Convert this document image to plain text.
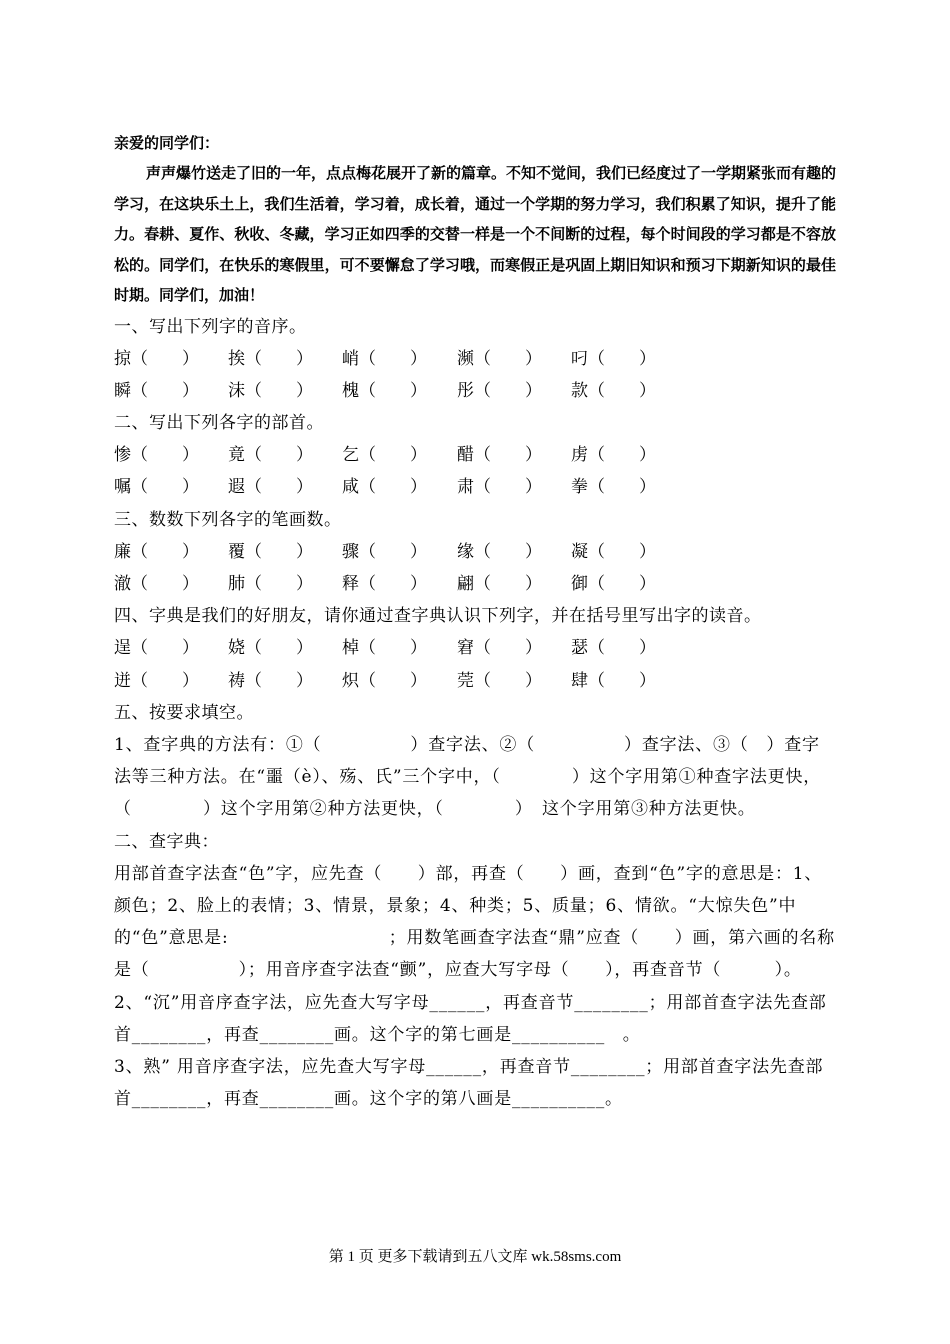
亲爱的同学们：

声声爆竹送走了旧的一年，点点梅花展开了新的篇章。不知不觉间，我们已经度过了一学期紧张而有趣的学习，在这块乐土上，我们生活着，学习着，成长着，通过一个学期的努力学习，我们积累了知识，提升了能力。春耕、夏作、秋收、冬藏，学习正如四季的交替一样是一个不间断的过程，每个时间段的学习都是不容放松的。同学们，在快乐的寒假里，可不要懈怠了学习哦，而寒假正是巩固上期旧知识和预习下期新知识的最佳时期。同学们，加油！

一、写出下列字的音序。
掠（　　） 挨（　　） 峭（　　） 濒（　　） 叼（　　）
瞬（　　） 沫（　　） 槐（　　） 彤（　　） 款（　　）
二、写出下列各字的部首。
惨（　　） 竟（　　） 乞（　　） 醋（　　） 虏（　　）
嘱（　　） 遐（　　） 咸（　　） 肃（　　） 拳（　　）
三、数数下列各字的笔画数。
廉（　　） 覆（　　） 骤（　　） 缘（　　） 凝（　　）
澈（　　） 肺（　　） 释（　　） 翩（　　） 御（　　）
四、字典是我们的好朋友，请你通过查字典认识下列字，并在括号里写出字的读音。
逞（　　） 娆（　　） 棹（　　） 窘（　　） 瑟（　　）
迸（　　） 祷（　　） 炽（　　） 莞（　　） 肆（　　）
五、按要求填空。

1、查字典的方法有：①（　　　　　）查字法、②（　　　　　）查字法、③（　）查字法等三种方法。在“噩（è）、殇、氏”三个字中，（　　　　）这个字用第①种查字法更快，　　　　（　　　　）这个字用第②种方法更快，（　　　　）　这个字用第③种方法更快。

二、查字典：

用部首查字法查“色”字，应先查（　　）部，再查（　　）画，查到“色”字的意思是：1、颜色；2、脸上的表情；3、情景，景象；4、种类；5、质量；6、情欲。“大惊失色”中的“色”意思是:　　　　　　　　　；用数笔画查字法查“鼎”应查（　　）画，第六画的名称是（　　　　　）；用音序查字法查“颤”，应查大写字母（　　），再查音节（　　　）。

2、“沉”用音序查字法，应先查大写字母______，再查音节________；用部首查字法先查部首________，再查________画。这个字的第七画是__________　。

3、熟” 用音序查字法，应先查大写字母______，再查音节________；用部首查字法先查部首________，再查________画。这个字的第八画是__________。

第 1 页 更多下载请到五八文库 wk.58sms.com
